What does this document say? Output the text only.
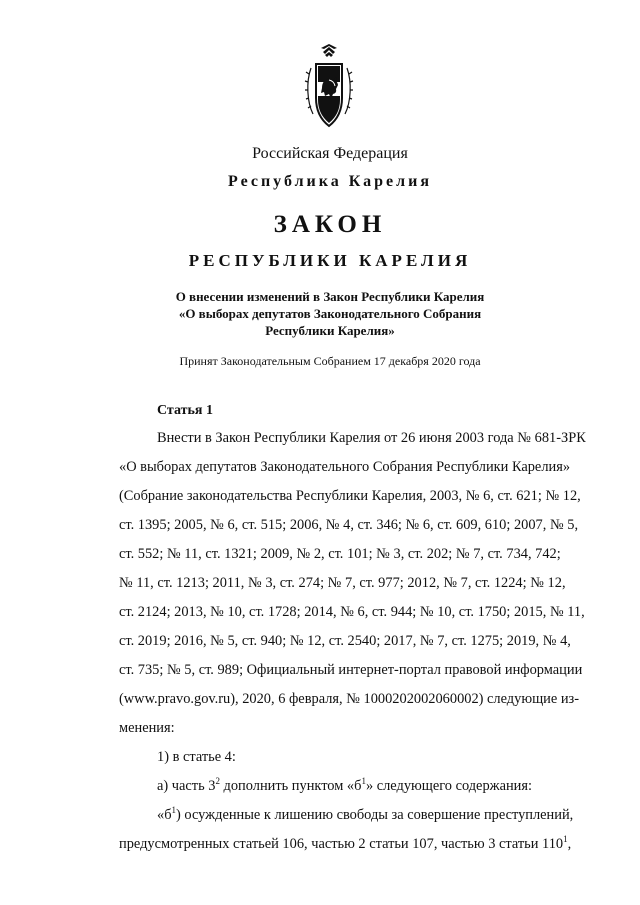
Российская Федерация
Республика Карелия
ЗАКОН
РЕСПУБЛИКИ КАРЕЛИЯ
О внесении изменений в Закон Республики Карелия
«О выборах депутатов Законодательного Собрания
Республики Карелия»
Принят Законодательным Собранием 17 декабря 2020 года
Статья 1
Внести в Закон Республики Карелия от 26 июня 2003 года № 681-ЗРК
«О выборах депутатов Законодательного Собрания Республики Карелия»
(Собрание законодательства Республики Карелия, 2003, № 6, ст. 621; № 12,
ст. 1395; 2005, № 6, ст. 515; 2006, № 4, ст. 346; № 6, ст. 609, 610; 2007, № 5,
ст. 552; № 11, ст. 1321; 2009, № 2, ст. 101; № 3, ст. 202; № 7, ст. 734, 742;
№ 11, ст. 1213; 2011, № 3, ст. 274; № 7, ст. 977; 2012, № 7, ст. 1224; № 12,
ст. 2124; 2013, № 10, ст. 1728; 2014, № 6, ст. 944; № 10, ст. 1750; 2015, № 11,
ст. 2019; 2016, № 5, ст. 940; № 12, ст. 2540; 2017, № 7, ст. 1275; 2019, № 4,
ст. 735; № 5, ст. 989; Официальный интернет-портал правовой информации
(www.pravo.gov.ru), 2020, 6 февраля, № 1000202002060002) следующие из-
менения:
1) в статье 4:
а) часть $3^2$ дополнить пунктом «$б^1$» следующего содержания:
«$б^1$) осужденные к лишению свободы за совершение преступлений,
предусмотренных статьей 106, частью 2 статьи 107, частью 3 статьи $110^1$,
